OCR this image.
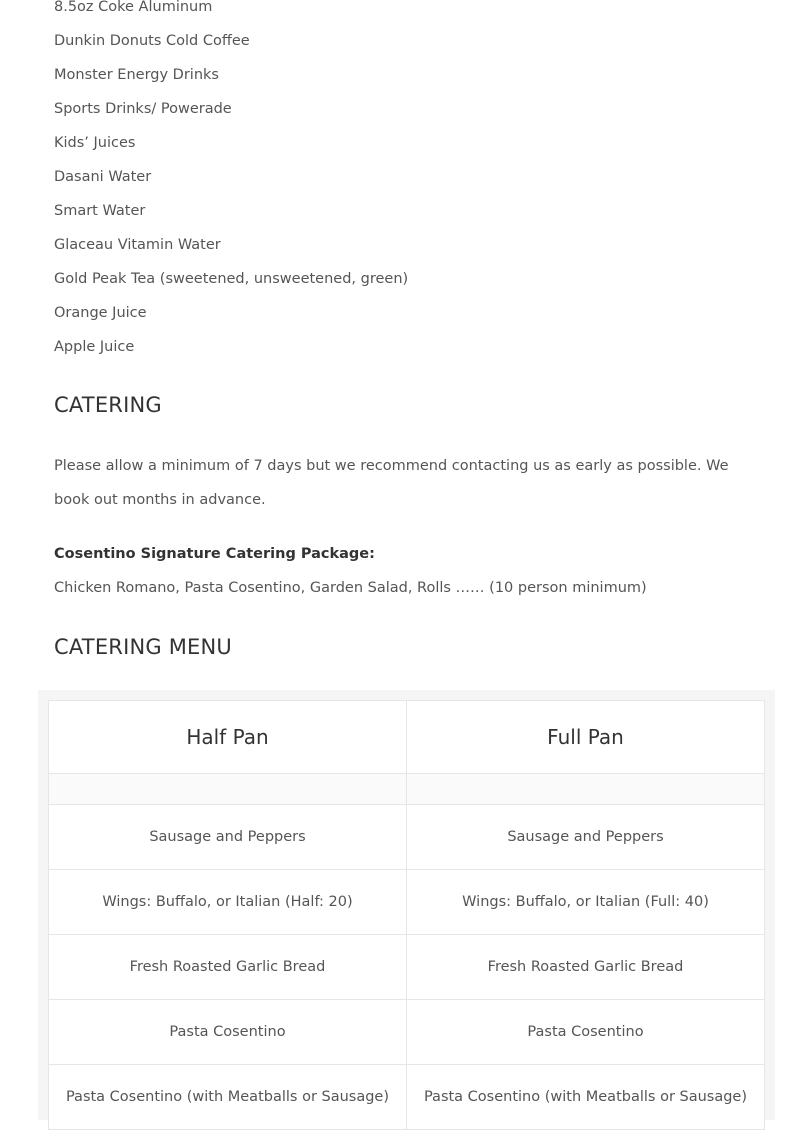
8.5oz Coke Aluminum
Dunkin Donuts Cold Coffee
Monster Energy Drinks
Sports Drinks/ Powerade
Kids’ Juices
Dasani Water
Smart Water
Glaceau Vitamin Water
Gold Peak Tea (sweetened, unsweetened, green)
Orange Juice
Apple Juice
CATERING

Please allow a minimum of 7 days but we recommend contacting us as early as possible. We book out months in advance.

Cosentino Signature Catering Package:

Chicken Romano, Pasta Cosentino, Garden Salad, Rolls …… (10 person minimum)

CATERING MENU
Half Pan	Full Pan

Sausage and Peppers	Sausage and Peppers
Wings: Buffalo, or Italian (Half: 20)	Wings: Buffalo, or Italian (Full: 40)
Fresh Roasted Garlic Bread	Fresh Roasted Garlic Bread
Pasta Cosentino	Pasta Cosentino
Pasta Cosentino (with Meatballs or Sausage)	Pasta Cosentino (with Meatballs or Sausage)
